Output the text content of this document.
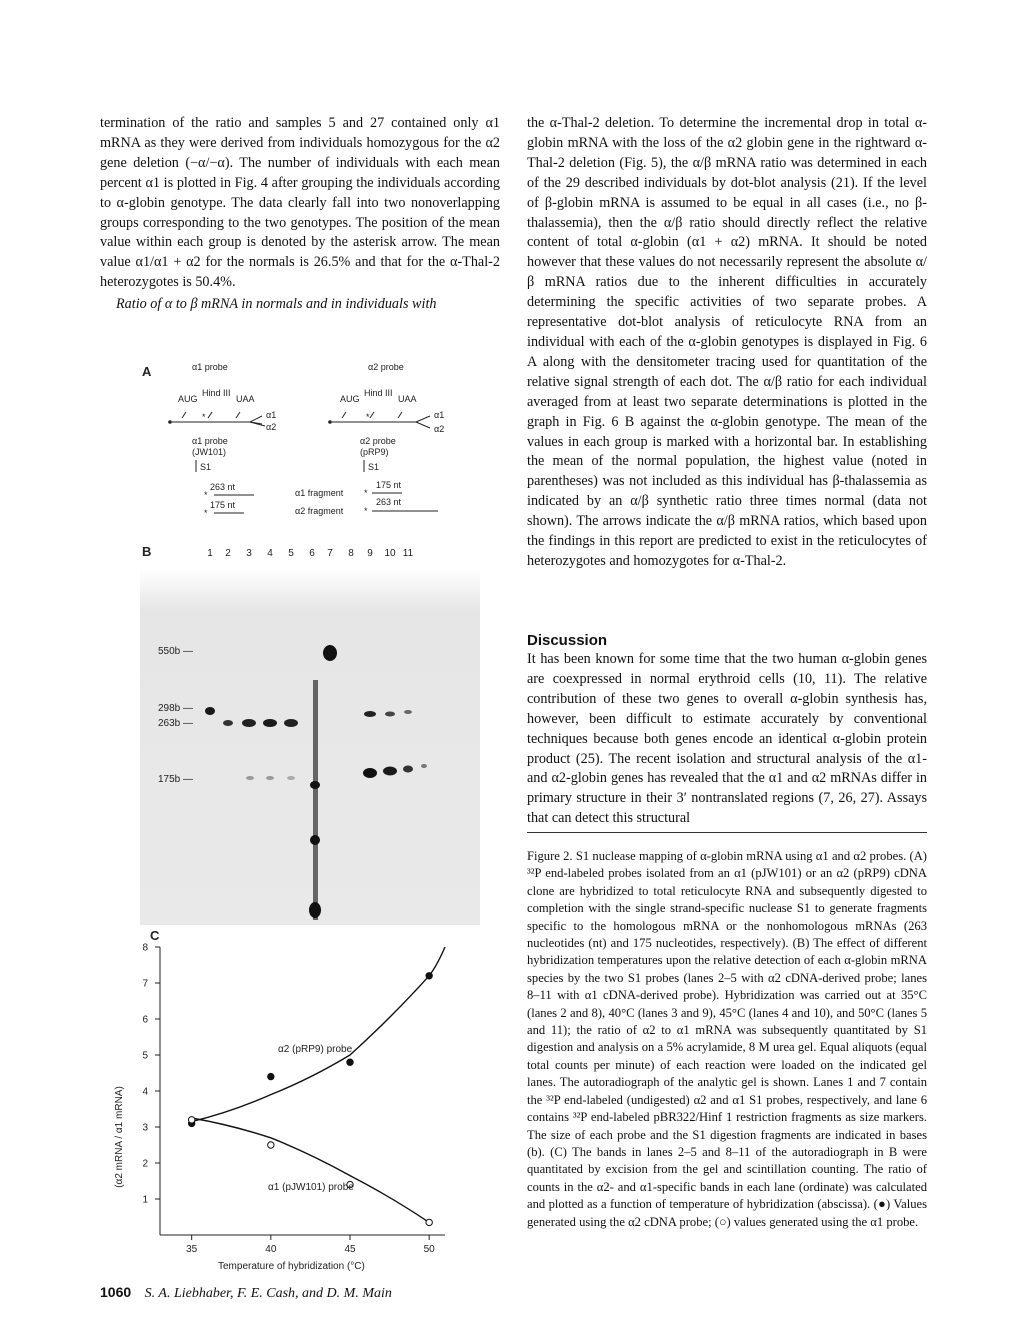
termination of the ratio and samples 5 and 27 contained only α1 mRNA as they were derived from individuals homozygous for the α2 gene deletion (−α/−α). The number of individuals with each mean percent α1 is plotted in Fig. 4 after grouping the individuals according to α-globin genotype. The data clearly fall into two nonoverlapping groups corresponding to the two genotypes. The position of the mean value within each group is denoted by the asterisk arrow. The mean value α1/α1 + α2 for the normals is 26.5% and that for the α-Thal-2 heterozygotes is 50.4%.

Ratio of α to β mRNA in normals and in individuals with

the α-Thal-2 deletion. To determine the incremental drop in total α-globin mRNA with the loss of the α2 globin gene in the rightward α-Thal-2 deletion (Fig. 5), the α/β mRNA ratio was determined in each of the 29 described individuals by dot-blot analysis (21). If the level of β-globin mRNA is assumed to be equal in all cases (i.e., no β-thalassemia), then the α/β ratio should directly reflect the relative content of total α-globin (α1 + α2) mRNA. It should be noted however that these values do not necessarily represent the absolute α/β mRNA ratios due to the inherent difficulties in accurately determining the specific activities of two separate probes. A representative dot-blot analysis of reticulocyte RNA from an individual with each of the α-globin genotypes is displayed in Fig. 6 A along with the densitometer tracing used for quantitation of the relative signal strength of each dot. The α/β ratio for each individual averaged from at least two separate determinations is plotted in the graph in Fig. 6 B against the α-globin genotype. The mean of the values in each group is marked with a horizontal bar. In establishing the mean of the normal population, the highest value (noted in parentheses) was not included as this individual has β-thalassemia as indicated by an α/β synthetic ratio three times normal (data not shown). The arrows indicate the α/β mRNA ratios, which based upon the findings in this report are predicted to exist in the reticulocytes of heterozygotes and homozygotes for α-Thal-2.

Discussion

It has been known for some time that the two human α-globin genes are coexpressed in normal erythroid cells (10, 11). The relative contribution of these two genes to overall α-globin synthesis has, however, been difficult to estimate accurately by conventional techniques because both genes encode an identical α-globin protein product (25). The recent isolation and structural analysis of the α1- and α2-globin genes has revealed that the α1 and α2 mRNAs differ in primary structure in their 3′ nontranslated regions (7, 26, 27). Assays that can detect this structural

Figure 2. S1 nuclease mapping of α-globin mRNA using α1 and α2 probes. (A) ³²P end-labeled probes isolated from an α1 (pJW101) or an α2 (pRP9) cDNA clone are hybridized to total reticulocyte RNA and subsequently digested to completion with the single strand-specific nuclease S1 to generate fragments specific to the homologous mRNA or the nonhomologous mRNAs (263 nucleotides (nt) and 175 nucleotides, respectively). (B) The effect of different hybridization temperatures upon the relative detection of each α-globin mRNA species by the two S1 probes (lanes 2–5 with α2 cDNA-derived probe; lanes 8–11 with α1 cDNA-derived probe). Hybridization was carried out at 35°C (lanes 2 and 8), 40°C (lanes 3 and 9), 45°C (lanes 4 and 10), and 50°C (lanes 5 and 11); the ratio of α2 to α1 mRNA was subsequently quantitated by S1 digestion and analysis on a 5% acrylamide, 8 M urea gel. Equal aliquots (equal total counts per minute) of each reaction were loaded on the indicated gel lanes. The autoradiograph of the analytic gel is shown. Lanes 1 and 7 contain the ³²P end-labeled (undigested) α2 and α1 S1 probes, respectively, and lane 6 contains ³²P end-labeled pBR322/Hinf 1 restriction fragments as size markers. The size of each probe and the S1 digestion fragments are indicated in bases (b). (C) The bands in lanes 2–5 and 8–11 of the autoradiograph in B were quantitated by excision from the gel and scintillation counting. The ratio of counts in the α2- and α1-specific bands in each lane (ordinate) was calculated and plotted as a function of temperature of hybridization (abscissa). (●) Values generated using the α2 cDNA probe; (○) values generated using the α1 probe.
A	α1 probe
AUG
Hind III
UAA
α1
α2
*
α1 probe
(JW101)
S1
263 nt
175 nt
*
*
α1 fragment
α2 fragment
α2 probe
AUG
Hind III
UAA
α1
α2
*
α2 probe
(pRP9)
S1
175 nt
263 nt
*
*
B	1 2 3 4 5 6 7 8 9 10 11
550b —
298b —
263b —
175b —
C
1
2
3
4
5
6
7
8
35	40	45	50
α2 (pRP9) probe
α1 (pJW101) probe
Temperature of hybridization (°C)
(α2 mRNA / α1 mRNA)
1060 S. A. Liebhaber, F. E. Cash, and D. M. Main
